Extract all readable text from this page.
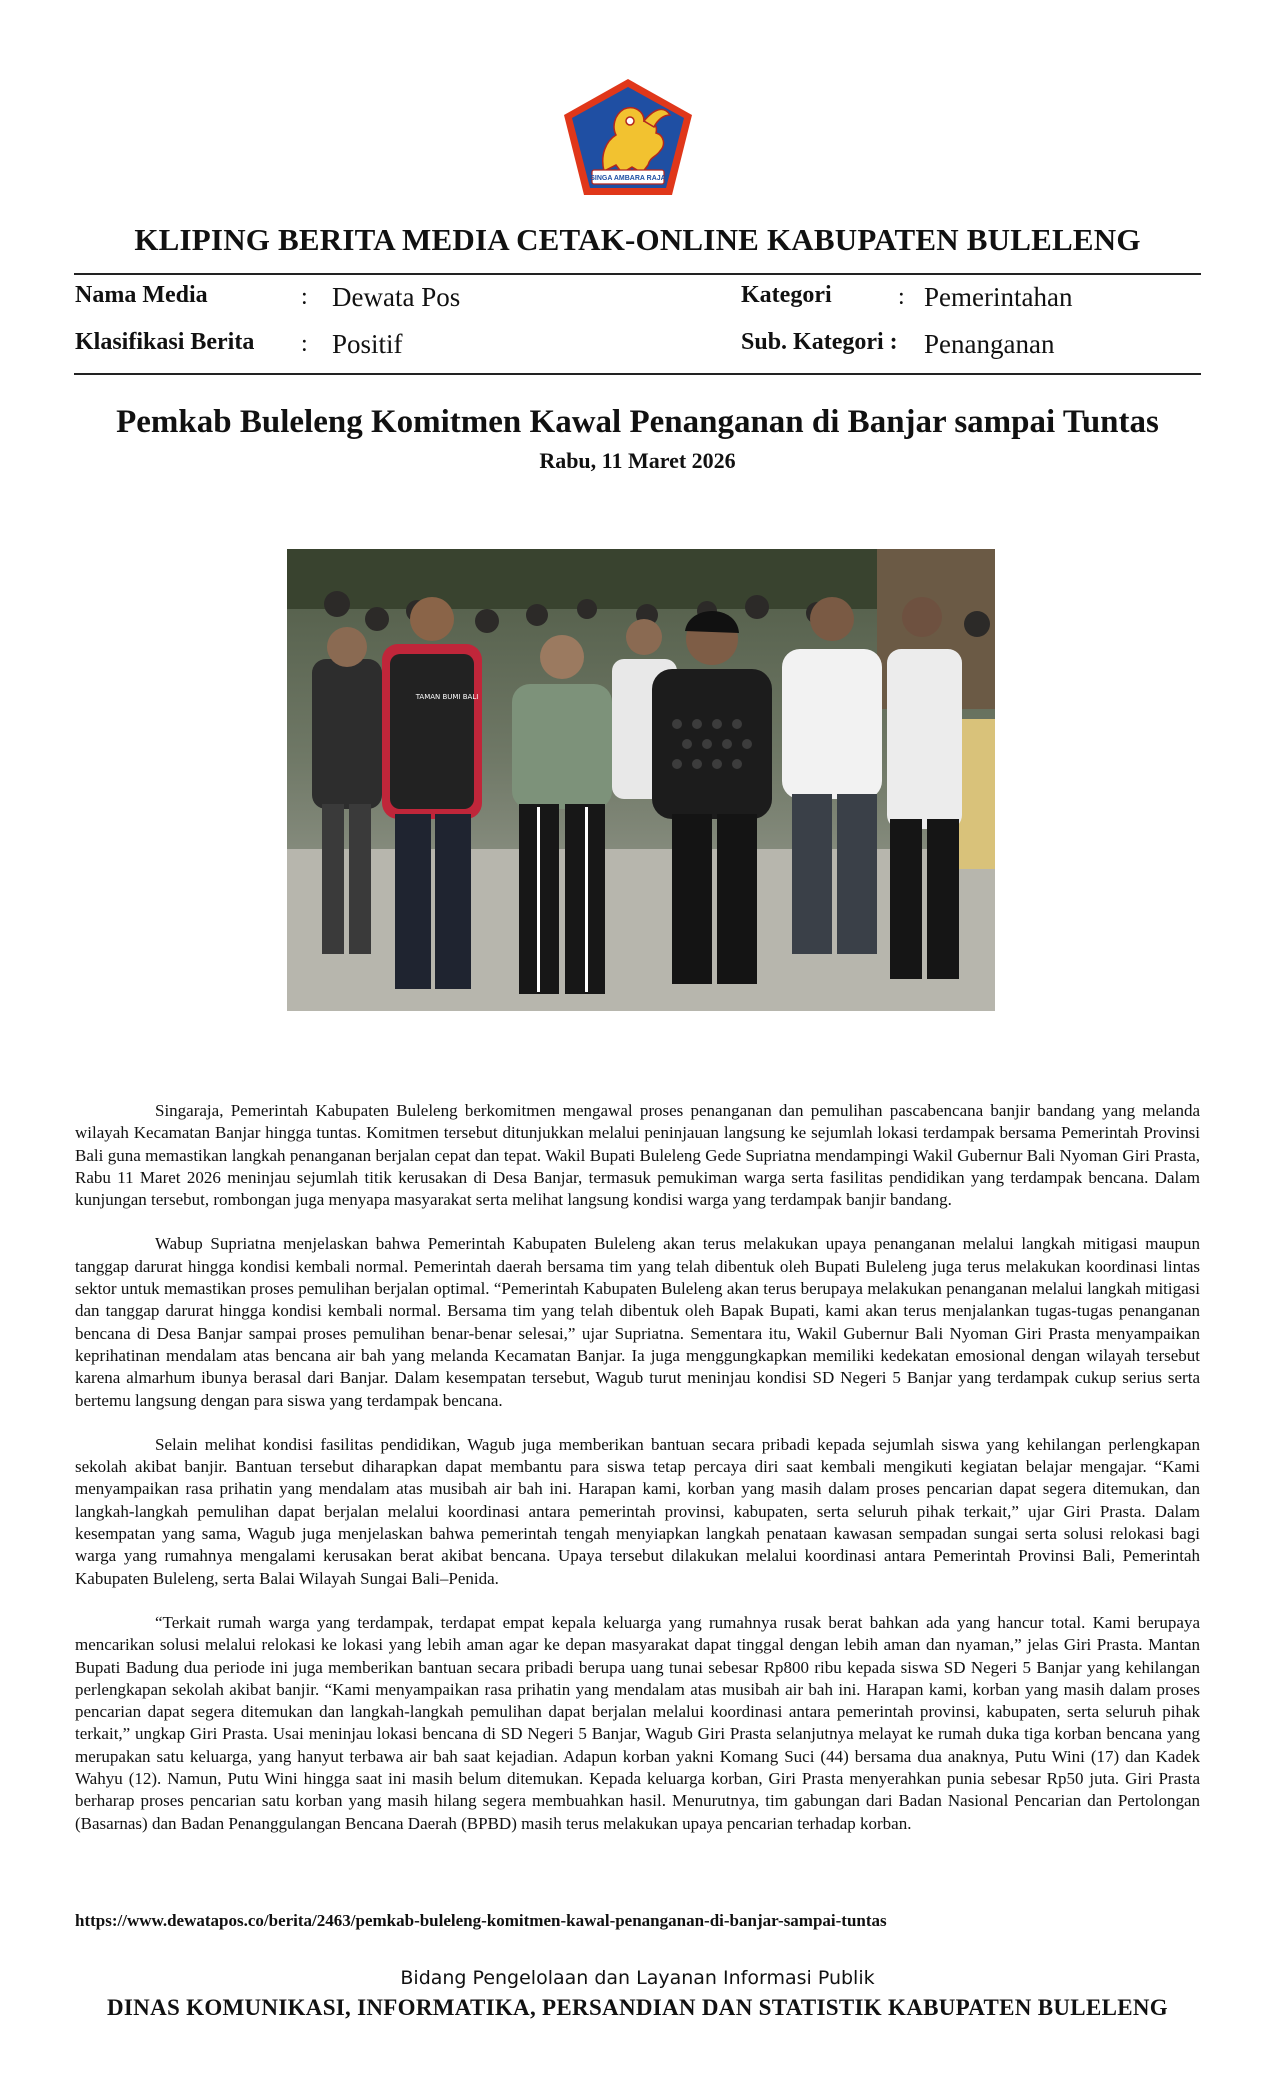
SINGA AMBARA RAJA
KLIPING BERITA MEDIA CETAK-ONLINE KABUPATEN BULELENG
Nama Media	: Dewata Pos	Kategori	: Pemerintahan
Klasifikasi Berita : Positif	Sub. Kategori : Penanganan
Pemkab Buleleng Komitmen Kawal Penanganan di Banjar sampai Tuntas
Rabu, 11 Maret 2026
TAMAN BUMI BALI

Singaraja, Pemerintah Kabupaten Buleleng berkomitmen mengawal proses penanganan dan pemulihan pascabencana banjir bandang yang melanda wilayah Kecamatan Banjar hingga tuntas. Komitmen tersebut ditunjukkan melalui peninjauan langsung ke sejumlah lokasi terdampak bersama Pemerintah Provinsi Bali guna memastikan langkah penanganan berjalan cepat dan tepat. Wakil Bupati Buleleng Gede Supriatna mendampingi Wakil Gubernur Bali Nyoman Giri Prasta, Rabu 11 Maret 2026 meninjau sejumlah titik kerusakan di Desa Banjar, termasuk pemukiman warga serta fasilitas pendidikan yang terdampak bencana. Dalam kunjungan tersebut, rombongan juga menyapa masyarakat serta melihat langsung kondisi warga yang terdampak banjir bandang.

Wabup Supriatna menjelaskan bahwa Pemerintah Kabupaten Buleleng akan terus melakukan upaya penanganan melalui langkah mitigasi maupun tanggap darurat hingga kondisi kembali normal. Pemerintah daerah bersama tim yang telah dibentuk oleh Bupati Buleleng juga terus melakukan koordinasi lintas sektor untuk memastikan proses pemulihan berjalan optimal. “Pemerintah Kabupaten Buleleng akan terus berupaya melakukan penanganan melalui langkah mitigasi dan tanggap darurat hingga kondisi kembali normal. Bersama tim yang telah dibentuk oleh Bapak Bupati, kami akan terus menjalankan tugas-tugas penanganan bencana di Desa Banjar sampai proses pemulihan benar-benar selesai,” ujar Supriatna. Sementara itu, Wakil Gubernur Bali Nyoman Giri Prasta menyampaikan keprihatinan mendalam atas bencana air bah yang melanda Kecamatan Banjar. Ia juga menggungkapkan memiliki kedekatan emosional dengan wilayah tersebut karena almarhum ibunya berasal dari Banjar. Dalam kesempatan tersebut, Wagub turut meninjau kondisi SD Negeri 5 Banjar yang terdampak cukup serius serta bertemu langsung dengan para siswa yang terdampak bencana.

Selain melihat kondisi fasilitas pendidikan, Wagub juga memberikan bantuan secara pribadi kepada sejumlah siswa yang kehilangan perlengkapan sekolah akibat banjir. Bantuan tersebut diharapkan dapat membantu para siswa tetap percaya diri saat kembali mengikuti kegiatan belajar mengajar. “Kami menyampaikan rasa prihatin yang mendalam atas musibah air bah ini. Harapan kami, korban yang masih dalam proses pencarian dapat segera ditemukan, dan langkah-langkah pemulihan dapat berjalan melalui koordinasi antara pemerintah provinsi, kabupaten, serta seluruh pihak terkait,” ujar Giri Prasta. Dalam kesempatan yang sama, Wagub juga menjelaskan bahwa pemerintah tengah menyiapkan langkah penataan kawasan sempadan sungai serta solusi relokasi bagi warga yang rumahnya mengalami kerusakan berat akibat bencana. Upaya tersebut dilakukan melalui koordinasi antara Pemerintah Provinsi Bali, Pemerintah Kabupaten Buleleng, serta Balai Wilayah Sungai Bali–Penida.

“Terkait rumah warga yang terdampak, terdapat empat kepala keluarga yang rumahnya rusak berat bahkan ada yang hancur total. Kami berupaya mencarikan solusi melalui relokasi ke lokasi yang lebih aman agar ke depan masyarakat dapat tinggal dengan lebih aman dan nyaman,” jelas Giri Prasta. Mantan Bupati Badung dua periode ini juga memberikan bantuan secara pribadi berupa uang tunai sebesar Rp800 ribu kepada siswa SD Negeri 5 Banjar yang kehilangan perlengkapan sekolah akibat banjir. “Kami menyampaikan rasa prihatin yang mendalam atas musibah air bah ini. Harapan kami, korban yang masih dalam proses pencarian dapat segera ditemukan dan langkah-langkah pemulihan dapat berjalan melalui koordinasi antara pemerintah provinsi, kabupaten, serta seluruh pihak terkait,” ungkap Giri Prasta. Usai meninjau lokasi bencana di SD Negeri 5 Banjar, Wagub Giri Prasta selanjutnya melayat ke rumah duka tiga korban bencana yang merupakan satu keluarga, yang hanyut terbawa air bah saat kejadian. Adapun korban yakni Komang Suci (44) bersama dua anaknya, Putu Wini (17) dan Kadek Wahyu (12). Namun, Putu Wini hingga saat ini masih belum ditemukan. Kepada keluarga korban, Giri Prasta menyerahkan punia sebesar Rp50 juta. Giri Prasta berharap proses pencarian satu korban yang masih hilang segera membuahkan hasil. Menurutnya, tim gabungan dari Badan Nasional Pencarian dan Pertolongan (Basarnas) dan Badan Penanggulangan Bencana Daerah (BPBD) masih terus melakukan upaya pencarian terhadap korban.

https://www.dewatapos.co/berita/2463/pemkab-buleleng-komitmen-kawal-penanganan-di-banjar-sampai-tuntas
Bidang Pengelolaan dan Layanan Informasi Publik
DINAS KOMUNIKASI, INFORMATIKA, PERSANDIAN DAN STATISTIK KABUPATEN BULELENG
